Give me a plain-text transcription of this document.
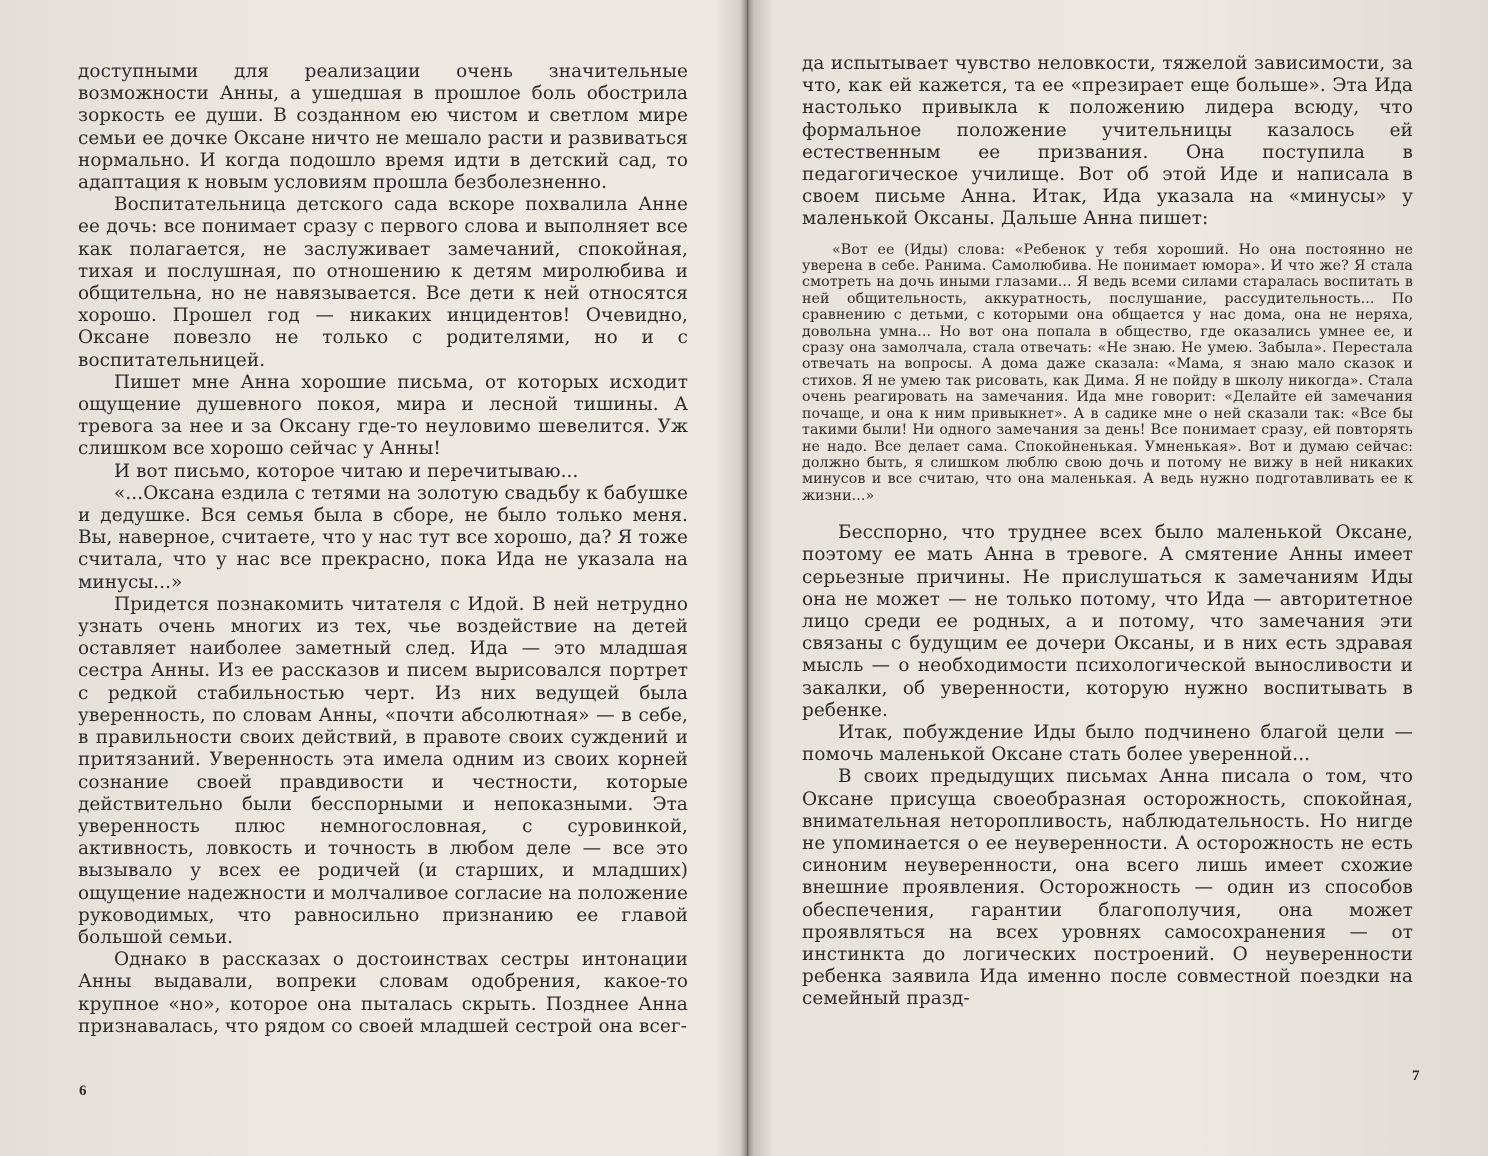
доступными для реализации очень значительные возможности Анны, а ушедшая в прошлое боль обострила зоркость ее души. В созданном ею чистом и светлом мире семьи ее дочке Оксане ничто не мешало расти и развиваться нормально. И когда подошло время идти в детский сад, то адаптация к новым условиям прошла безболезненно.

Воспитательница детского сада вскоре похвалила Анне ее дочь: все понимает сразу с первого слова и выполняет все как полагается, не заслуживает замечаний, спокойная, тихая и послушная, по отношению к детям миролюбива и общительна, но не навязывается. Все дети к ней относятся хорошо. Прошел год — никаких инцидентов! Очевидно, Оксане повезло не только с родителями, но и с воспитательницей.

Пишет мне Анна хорошие письма, от которых исходит ощущение душевного покоя, мира и лесной тишины. А тревога за нее и за Оксану где-то неуловимо шевелится. Уж слишком все хорошо сейчас у Анны!

И вот письмо, которое читаю и перечитываю...

«...Оксана ездила с тетями на золотую свадьбу к бабушке и дедушке. Вся семья была в сборе, не было только меня. Вы, наверное, считаете, что у нас тут все хорошо, да? Я тоже считала, что у нас все прекрасно, пока Ида не указала на минусы...»

Придется познакомить читателя с Идой. В ней нетрудно узнать очень многих из тех, чье воздействие на детей оставляет наиболее заметный след. Ида — это младшая сестра Анны. Из ее рассказов и писем вырисовался портрет с редкой стабильностью черт. Из них ведущей была уверенность, по словам Анны, «почти абсолютная» — в себе, в правильности своих действий, в правоте своих суждений и притязаний. Уверенность эта имела одним из своих корней сознание своей правдивости и честности, которые действительно были бесспорными и непоказными. Эта уверенность плюс немногословная, с суровинкой, активность, ловкость и точность в любом деле — все это вызывало у всех ее родичей (и старших, и младших) ощущение надежности и молчаливое согласие на положение руководимых, что равносильно признанию ее главой большой семьи.

Однако в рассказах о достоинствах сестры интонации Анны выдавали, вопреки словам одобрения, какое-то крупное «но», которое она пыталась скрыть. Позднее Анна признавалась, что рядом со своей младшей сестрой она всег-

6

да испытывает чувство неловкости, тяжелой зависимости, за что, как ей кажется, та ее «презирает еще больше». Эта Ида настолько привыкла к положению лидера всюду, что формальное положение учительницы казалось ей естественным ее призвания. Она поступила в педагогическое училище. Вот об этой Иде и написала в своем письме Анна. Итак, Ида указала на «минусы» у маленькой Оксаны. Дальше Анна пишет:

«Вот ее (Иды) слова: «Ребенок у тебя хороший. Но она постоянно не уверена в себе. Ранима. Самолюбива. Не понимает юмора». И что же? Я стала смотреть на дочь иными глазами... Я ведь всеми силами старалась воспитать в ней общительность, аккуратность, послушание, рассудительность... По сравнению с детьми, с которыми она общается у нас дома, она не неряха, довольна умна... Но вот она попала в общество, где оказались умнее ее, и сразу она замолчала, стала отвечать: «Не знаю. Не умею. Забыла». Перестала отвечать на вопросы. А дома даже сказала: «Мама, я знаю мало сказок и стихов. Я не умею так рисовать, как Дима. Я не пойду в школу никогда». Стала очень реагировать на замечания. Ида мне говорит: «Делайте ей замечания почаще, и она к ним привыкнет». А в садике мне о ней сказали так: «Все бы такими были! Ни одного замечания за день! Все понимает сразу, ей повторять не надо. Все делает сама. Спокойненькая. Умненькая». Вот и думаю сейчас: должно быть, я слишком люблю свою дочь и потому не вижу в ней никаких минусов и все считаю, что она маленькая. А ведь нужно подготавливать ее к жизни...»

Бесспорно, что труднее всех было маленькой Оксане, поэтому ее мать Анна в тревоге. А смятение Анны имеет серьезные причины. Не прислушаться к замечаниям Иды она не может — не только потому, что Ида — авторитетное лицо среди ее родных, а и потому, что замечания эти связаны с будущим ее дочери Оксаны, и в них есть здравая мысль — о необходимости психологической выносливости и закалки, об уверенности, которую нужно воспитывать в ребенке.

Итак, побуждение Иды было подчинено благой цели — помочь маленькой Оксане стать более уверенной...

В своих предыдущих письмах Анна писала о том, что Оксане присуща своеобразная осторожность, спокойная, внимательная неторопливость, наблюдательность. Но нигде не упоминается о ее неуверенности. А осторожность не есть синоним неуверенности, она всего лишь имеет схожие внешние проявления. Осторожность — один из способов обеспечения, гарантии благополучия, она может проявляться на всех уровнях самосохранения — от инстинкта до логических построений. О неуверенности ребенка заявила Ида именно после совместной поездки на семейный празд-

7
